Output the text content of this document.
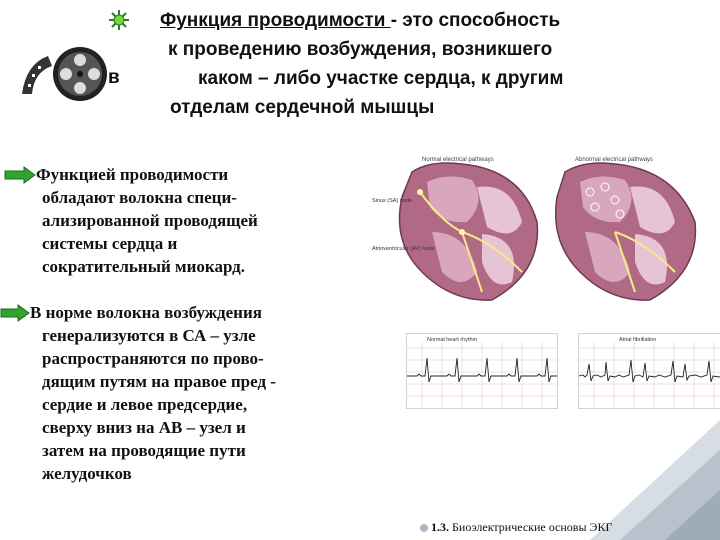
Функция проводимости - это способность
к проведению возбуждения, возникшего
каком – либо участке сердца, к другим
отделам сердечной мышцы
в
Функцией проводимости
обладают волокна специ-
ализированной проводящей
системы сердца и
сократительный миокард.
В норме волокна возбуждения
генерализуются в СА – узле
распространяются по прово-
дящим путям на правое пред -
сердие и левое предсердие,
сверху вниз на АВ – узел и
затем на проводящие пути
желудочков
Normal electrical pathways
Sinus (SA) node
Atrioventricular (AV) node
Abnormal electrical pathways
Normal heart rhythm	Atrial fibrillation
1.3. Биоэлектрические основы ЭКГ
